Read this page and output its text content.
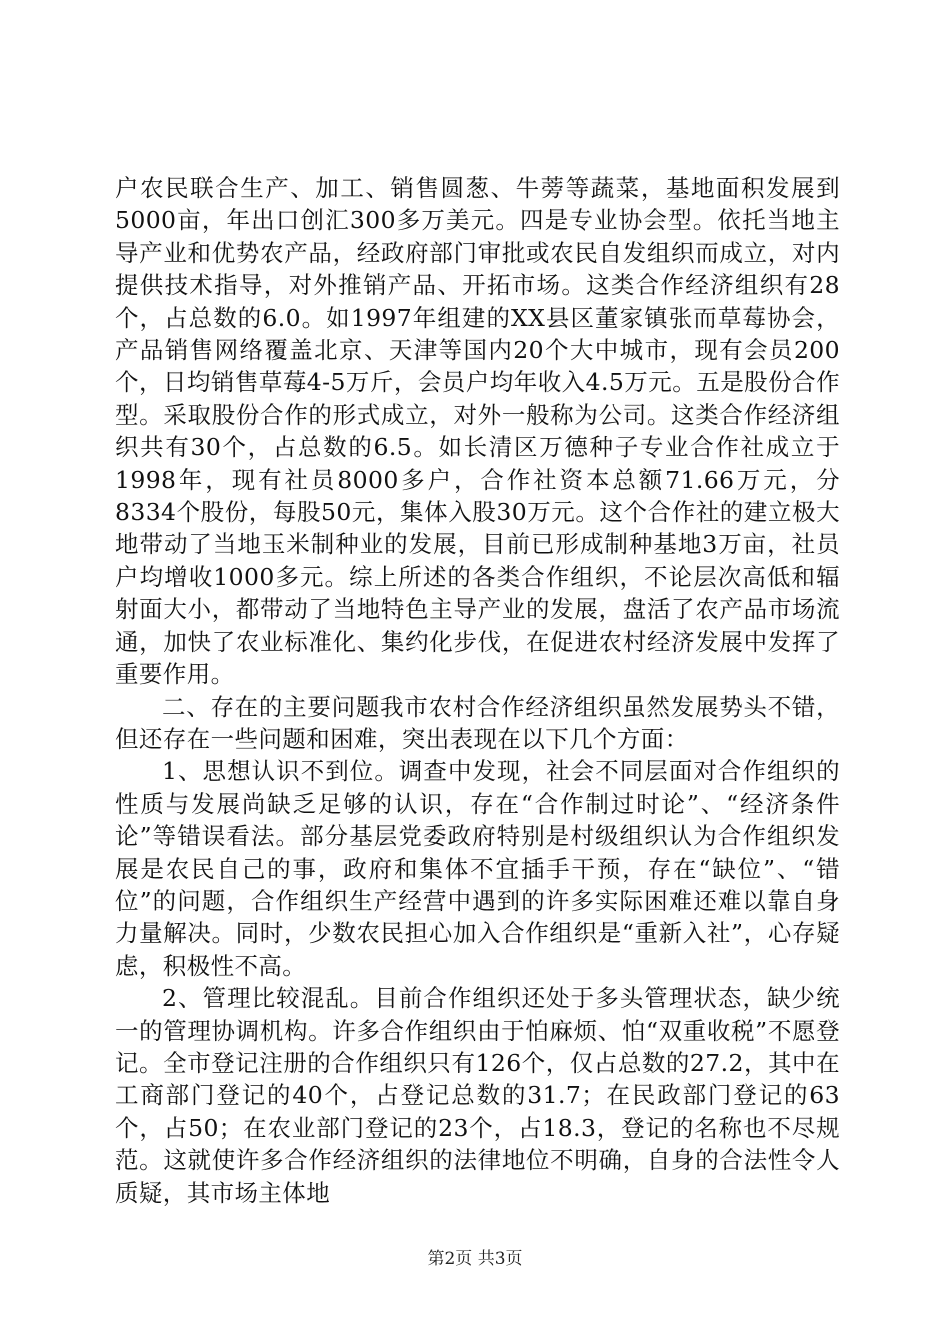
户农民联合生产、加工、销售圆葱、牛蒡等蔬菜，基地面积发展到5000亩，年出口创汇300多万美元。四是专业协会型。依托当地主导产业和优势农产品，经政府部门审批或农民自发组织而成立，对内提供技术指导，对外推销产品、开拓市场。这类合作经济组织有28个，占总数的6.0。如1997年组建的XX县区董家镇张而草莓协会，产品销售网络覆盖北京、天津等国内20个大中城市，现有会员200个，日均销售草莓4-5万斤，会员户均年收入4.5万元。五是股份合作型。采取股份合作的形式成立，对外一般称为公司。这类合作经济组织共有30个，占总数的6.5。如长清区万德种子专业合作社成立于1998年，现有社员8000多户，合作社资本总额71.66万元，分8334个股份，每股50元，集体入股30万元。这个合作社的建立极大地带动了当地玉米制种业的发展，目前已形成制种基地3万亩，社员户均增收1000多元。综上所述的各类合作组织，不论层次高低和辐射面大小，都带动了当地特色主导产业的发展，盘活了农产品市场流通，加快了农业标准化、集约化步伐，在促进农村经济发展中发挥了重要作用。

二、存在的主要问题我市农村合作经济组织虽然发展势头不错，但还存在一些问题和困难，突出表现在以下几个方面：

1、思想认识不到位。调查中发现，社会不同层面对合作组织的性质与发展尚缺乏足够的认识，存在“合作制过时论”、“经济条件论”等错误看法。部分基层党委政府特别是村级组织认为合作组织发展是农民自己的事，政府和集体不宜插手干预，存在“缺位”、“错位”的问题，合作组织生产经营中遇到的许多实际困难还难以靠自身力量解决。同时，少数农民担心加入合作组织是“重新入社”，心存疑虑，积极性不高。

2、管理比较混乱。目前合作组织还处于多头管理状态，缺少统一的管理协调机构。许多合作组织由于怕麻烦、怕“双重收税”不愿登记。全市登记注册的合作组织只有126个，仅占总数的27.2，其中在工商部门登记的40个，占登记总数的31.7；在民政部门登记的63个，占50；在农业部门登记的23个，占18.3，登记的名称也不尽规范。这就使许多合作经济组织的法律地位不明确，自身的合法性令人质疑，其市场主体地

第2页 共3页
